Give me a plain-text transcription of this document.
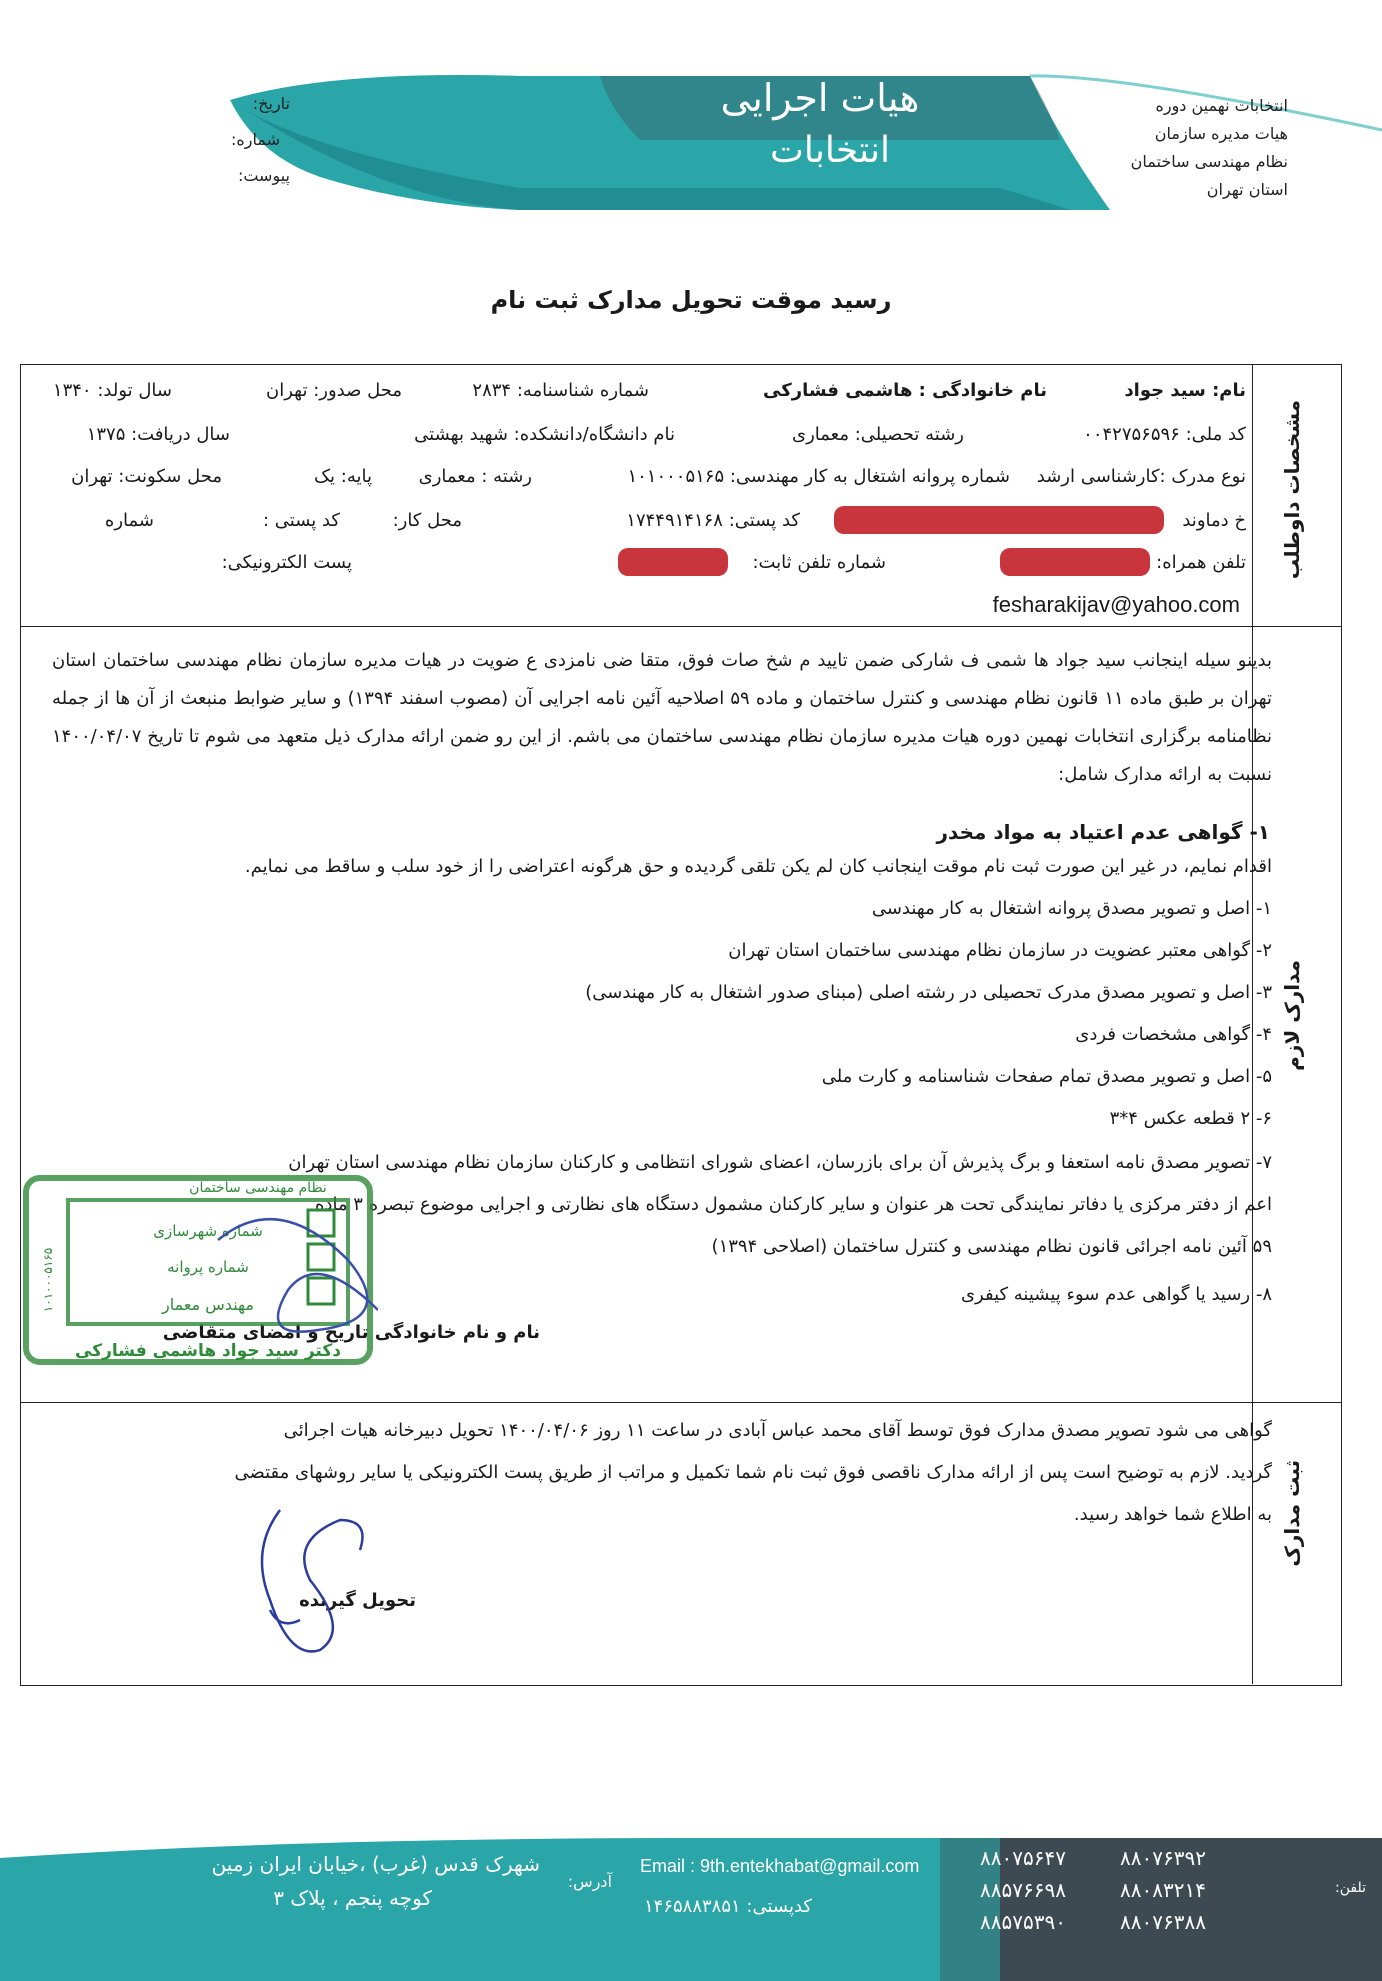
هیات اجرایی
انتخابات
انتخابات نهمین دوره
هیات مدیره سازمان
نظام مهندسی ساختمان
استان تهران
تاریخ:
شماره:
پیوست:
رسید موقت تحویل مدارک ثبت نام
مشخصات داوطلب
مدارک لازم
ثبت مدارک
نام: سید جواد
نام خانوادگی : هاشمی فشارکی
شماره شناسنامه: ۲۸۳۴
محل صدور: تهران
سال تولد: ۱۳۴۰
کد ملی: ۰۰۴۲۷۵۶۵۹۶
رشته تحصیلی: معماری
نام دانشگاه/دانشکده: شهید بهشتی
سال دریافت: ۱۳۷۵
نوع مدرک :کارشناسی ارشد
شماره پروانه اشتغال به کار مهندسی: ۱۰۱۰۰۰۵۱۶۵
رشته : معماری
پایه: یک
محل سکونت: تهران
خ دماوند
کد پستی: ۱۷۴۴۹۱۴۱۶۸
محل کار:
کد پستی :
شماره
تلفن همراه:
شماره تلفن ثابت:
پست الکترونیکی:
fesharakijav@yahoo.com
بدینو سیله اینجانب سید جواد ها شمی ف شارکی ضمن تایید م شخ صات فوق، متقا ضی نامزدی ع ضویت در هیات مدیره سازمان نظام مهندسی ساختمان استان تهران بر طبق ماده ۱۱ قانون نظام مهندسی و کنترل ساختمان و ماده ۵۹ اصلاحیه آئین نامه اجرایی آن (مصوب اسفند ۱۳۹۴) و سایر ضوابط منبعث از آن ها از جمله نظامنامه برگزاری انتخابات نهمین دوره هیات مدیره سازمان نظام مهندسی ساختمان می باشم. از این رو ضمن ارائه مدارک ذیل متعهد می شوم تا تاریخ ۱۴۰۰/۰۴/۰۷ نسبت به ارائه مدارک شامل:
۱- گواهی عدم اعتیاد به مواد مخدر
اقدام نمایم، در غیر این صورت ثبت نام موقت اینجانب کان لم یکن تلقی گردیده و حق هرگونه اعتراضی را از خود سلب و ساقط می نمایم.
۱- اصل و تصویر مصدق پروانه اشتغال به کار مهندسی
۲- گواهی معتبر عضویت در سازمان نظام مهندسی ساختمان استان تهران
۳- اصل و تصویر مصدق مدرک تحصیلی در رشته اصلی (مبنای صدور اشتغال به کار مهندسی)
۴- گواهی مشخصات فردی
۵- اصل و تصویر مصدق تمام صفحات شناسنامه و کارت ملی
۶- ۲ قطعه عکس ۴*۳
۷- تصویر مصدق نامه استعفا و برگ پذیرش آن برای بازرسان، اعضای شورای انتظامی و کارکنان سازمان نظام مهندسی استان تهران
اعم از دفتر مرکزی یا دفاتر نمایندگی تحت هر عنوان و سایر کارکنان مشمول دستگاه های نظارتی و اجرایی موضوع تبصره ۳ ماده
۵۹ آئین نامه اجرائی قانون نظام مهندسی و کنترل ساختمان (اصلاحی ۱۳۹۴)
۸- رسید یا گواهی عدم سوء پیشینه کیفری
نام و نام خانوادگی تاریخ و امضای متقاضی
نظام مهندسی ساختمان
شماره شهرسازی
شماره پروانه
مهندس معمار
دکتر سید جواد هاشمی فشارکی
۱۰۱۰۰۰۵۱۶۵
گواهی می شود تصویر مصدق مدارک فوق توسط آقای محمد عباس آبادی در ساعت ۱۱ روز ۱۴۰۰/۰۴/۰۶ تحویل دبیرخانه هیات اجرائی
گردید. لازم به توضیح است پس از ارائه مدارک ناقصی فوق ثبت نام شما تکمیل و مراتب از طریق پست الکترونیکی یا سایر روشهای مقتضی
به اطلاع شما خواهد رسید.
تحویل گیرنده
شهرک قدس (غرب) ،خیابان ایران زمین
کوچه پنجم ، پلاک ۳
آدرس:
Email : 9th.entekhabat@gmail.com
کدپستی: ۱۴۶۵۸۸۳۸۵۱
۸۸۰۷۶۳۹۲
۸۸۰۸۳۲۱۴
۸۸۰۷۶۳۸۸
۸۸۰۷۵۶۴۷
۸۸۵۷۶۶۹۸
۸۸۵۷۵۳۹۰
تلفن:
